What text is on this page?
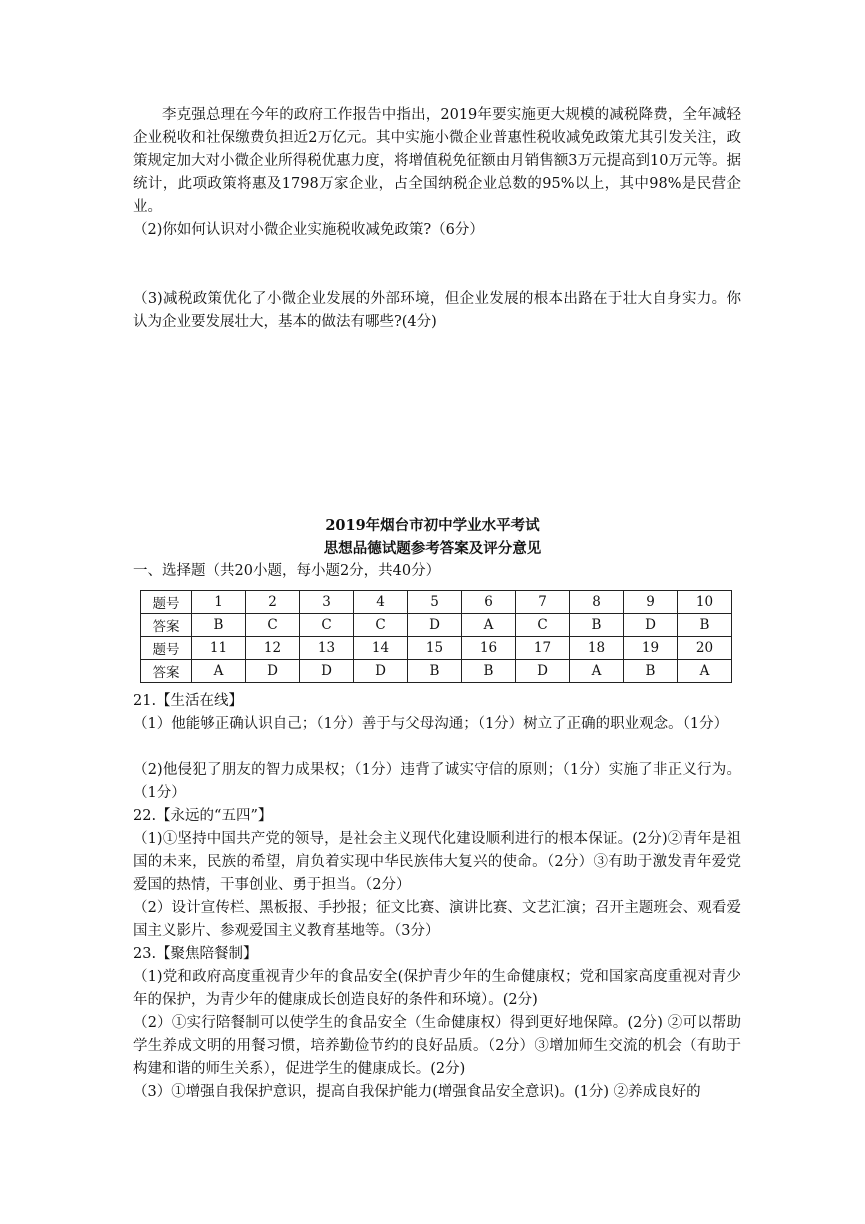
李克强总理在今年的政府工作报告中指出，2019年要实施更大规模的减税降费，全年减轻企业税收和社保缴费负担近2万亿元。其中实施小微企业普惠性税收减免政策尤其引发关注，政策规定加大对小微企业所得税优惠力度，将增值税免征额由月销售额3万元提高到10万元等。据统计，此项政策将惠及1798万家企业，占全国纳税企业总数的95%以上，其中98%是民营企业。

（2)你如何认识对小微企业实施税收减免政策?（6分）

（3)减税政策优化了小微企业发展的外部环境，但企业发展的根本出路在于壮大自身实力。你认为企业要发展壮大，基本的做法有哪些?(4分)

2019年烟台市初中学业水平考试

思想品德试题参考答案及评分意见

一、选择题（共20小题，每小题2分，共40分）

题号	1	2	3	4	5	6	7	8	9	10
答案	B	C	C	C	D	A	C	B	D	B
题号	11	12	13	14	15	16	17	18	19	20
答案	A	D	D	D	B	B	D	A	B	A

21.【生活在线】

（1）他能够正确认识自己；（1分）善于与父母沟通；（1分）树立了正确的职业观念。（1分）

（2)他侵犯了朋友的智力成果权；（1分）违背了诚实守信的原则；（1分）实施了非正义行为。（1分）

22.【永远的“五四”】

（1)①坚持中国共产党的领导，是社会主义现代化建设顺利进行的根本保证。(2分)②青年是祖国的未来，民族的希望，肩负着实现中华民族伟大复兴的使命。（2分）③有助于激发青年爱党爱国的热情，干事创业、勇于担当。（2分）

（2）设计宣传栏、黑板报、手抄报；征文比赛、演讲比赛、文艺汇演；召开主题班会、观看爱国主义影片、参观爱国主义教育基地等。（3分）

23.【聚焦陪餐制】

（1)党和政府高度重视青少年的食品安全(保护青少年的生命健康权；党和国家高度重视对青少年的保护，为青少年的健康成长创造良好的条件和环境）。(2分)

（2）①实行陪餐制可以使学生的食品安全（生命健康权）得到更好地保障。(2分) ②可以帮助学生养成文明的用餐习惯，培养勤俭节约的良好品质。（2分）③增加师生交流的机会（有助于构建和谐的师生关系），促进学生的健康成长。(2分)

（3）①增强自我保护意识，提高自我保护能力(增强食品安全意识)。(1分) ②养成良好的
